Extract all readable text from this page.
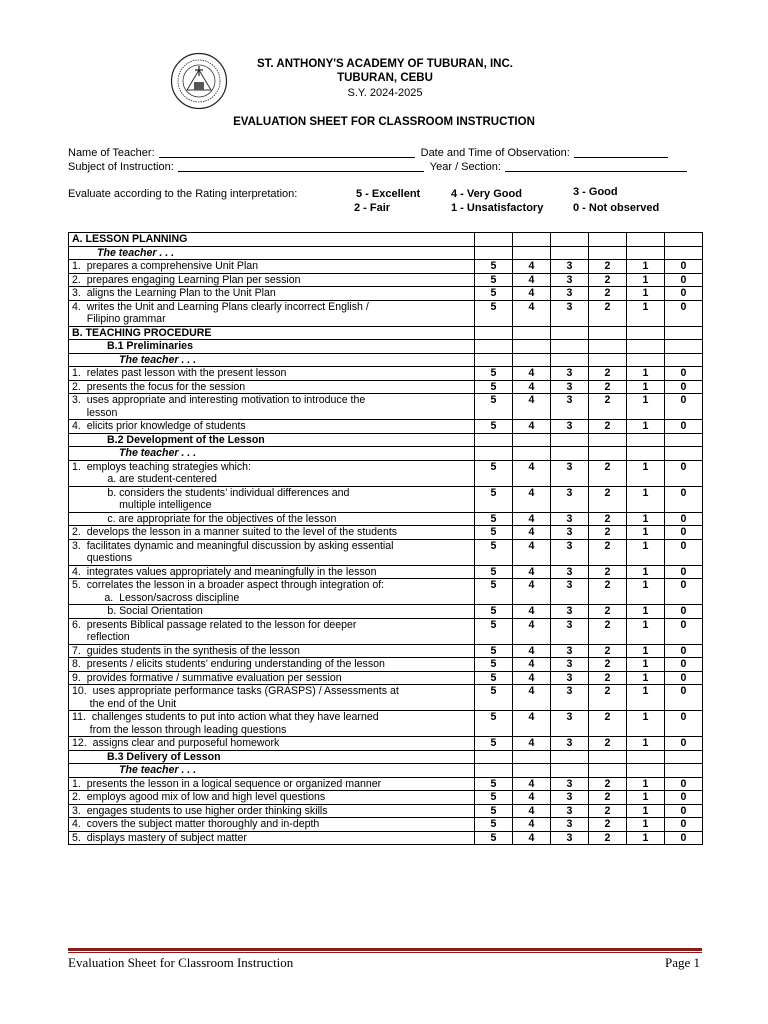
ST. ANTHONY'S ACADEMY OF TUBURAN, INC.
TUBURAN, CEBU
S.Y. 2024-2025
EVALUATION SHEET FOR CLASSROOM INSTRUCTION
Name of Teacher:	Date and Time of Observation:
Subject of Instruction:	Year / Section:
Evaluate according to the Rating interpretation:	5 - Excellent	4 - Very Good	3 - Good
2 - Fair	1 - Unsatisfactory	0 - Not observed
A. LESSON PLANNING						
The teacher . . .						
1.  prepares a comprehensive Unit Plan	5	4	3	2	1	0
2.  prepares engaging Learning Plan per session	5	4	3	2	1	0
3.  aligns the Learning Plan to the Unit Plan	5	4	3	2	1	0
4.  writes the Unit and Learning Plans clearly incorrect English /
Filipino grammar	5	4	3	2	1	0
B. TEACHING PROCEDURE						
B.1 Preliminaries						
The teacher . . .						
1.  relates past lesson with the present lesson	5	4	3	2	1	0
2.  presents the focus for the session	5	4	3	2	1	0
3.  uses appropriate and interesting motivation to introduce the
lesson	5	4	3	2	1	0
4.  elicits prior knowledge of students	5	4	3	2	1	0
B.2 Development of the Lesson						
The teacher . . .						
1.  employs teaching strategies which:
a. are student-centered	5	4	3	2	1	0
b. considers the students’ individual differences and
multiple intelligence	5	4	3	2	1	0
c. are appropriate for the objectives of the lesson	5	4	3	2	1	0
2.  develops the lesson in a manner suited to the level of the students	5	4	3	2	1	0
3.  facilitates dynamic and meaningful discussion by asking essential
questions	5	4	3	2	1	0
4.  integrates values appropriately and meaningfully in the lesson	5	4	3	2	1	0
5.  correlates the lesson in a broader aspect through integration of:
a.  Lesson/sacross discipline	5	4	3	2	1	0
b. Social Orientation	5	4	3	2	1	0
6.  presents Biblical passage related to the lesson for deeper
reflection	5	4	3	2	1	0
7.  guides students in the synthesis of the lesson	5	4	3	2	1	0
8.  presents / elicits students’ enduring understanding of the lesson	5	4	3	2	1	0
9.  provides formative / summative evaluation per session	5	4	3	2	1	0
10.  uses appropriate performance tasks (GRASPS) / Assessments at
the end of the Unit	5	4	3	2	1	0
11.  challenges students to put into action what they have learned
from the lesson through leading questions	5	4	3	2	1	0
12.  assigns clear and purposeful homework	5	4	3	2	1	0
B.3 Delivery of Lesson						
The teacher . . .						
1.  presents the lesson in a logical sequence or organized manner	5	4	3	2	1	0
2.  employs agood mix of low and high level questions	5	4	3	2	1	0
3.  engages students to use higher order thinking skills	5	4	3	2	1	0
4.  covers the subject matter thoroughly and in-depth	5	4	3	2	1	0
5.  displays mastery of subject matter	5	4	3	2	1	0
Evaluation Sheet for Classroom Instruction	Page 1
